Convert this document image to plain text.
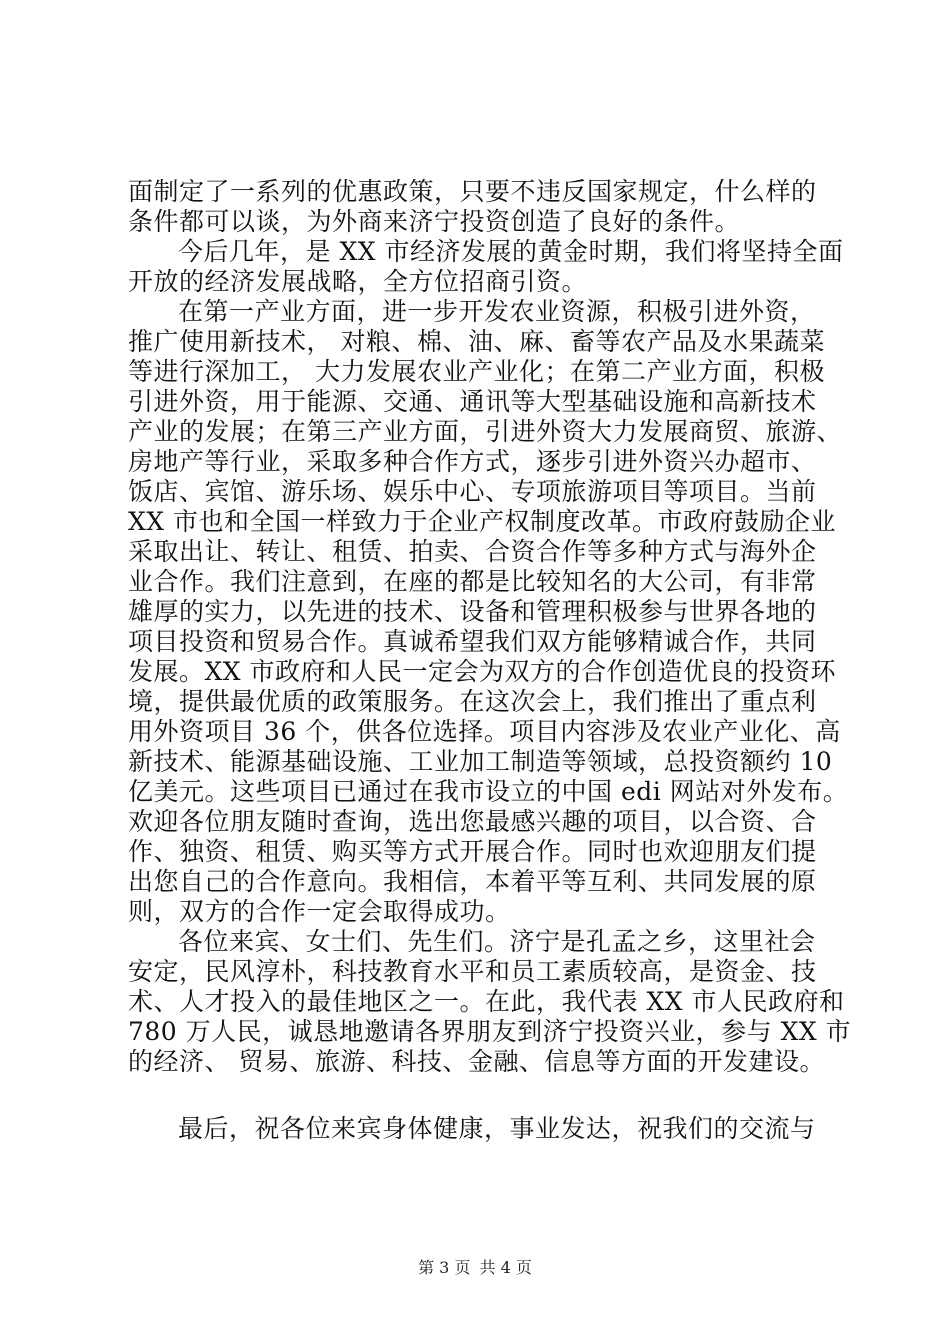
面制定了一系列的优惠政策，只要不违反国家规定，什么样的
条件都可以谈，为外商来济宁投资创造了良好的条件。
今后几年，是 XX 市经济发展的黄金时期，我们将坚持全面
开放的经济发展战略，全方位招商引资。
在第一产业方面，进一步开发农业资源，积极引进外资，
推广使用新技术， 对粮、棉、油、麻、畜等农产品及水果蔬菜
等进行深加工， 大力发展农业产业化；在第二产业方面，积极
引进外资，用于能源、交通、通讯等大型基础设施和高新技术
产业的发展；在第三产业方面，引进外资大力发展商贸、旅游、
房地产等行业，采取多种合作方式，逐步引进外资兴办超市、
饭店、宾馆、游乐场、娱乐中心、专项旅游项目等项目。当前
XX 市也和全国一样致力于企业产权制度改革。市政府鼓励企业
采取出让、转让、租赁、拍卖、合资合作等多种方式与海外企
业合作。我们注意到，在座的都是比较知名的大公司，有非常
雄厚的实力，以先进的技术、设备和管理积极参与世界各地的
项目投资和贸易合作。真诚希望我们双方能够精诚合作，共同
发展。XX 市政府和人民一定会为双方的合作创造优良的投资环
境，提供最优质的政策服务。在这次会上，我们推出了重点利
用外资项目 36 个，供各位选择。项目内容涉及农业产业化、高
新技术、能源基础设施、工业加工制造等领域，总投资额约 10
亿美元。这些项目已通过在我市设立的中国 edi 网站对外发布。
欢迎各位朋友随时查询，选出您最感兴趣的项目，以合资、合
作、独资、租赁、购买等方式开展合作。同时也欢迎朋友们提
出您自己的合作意向。我相信，本着平等互利、共同发展的原
则，双方的合作一定会取得成功。
各位来宾、女士们、先生们。济宁是孔孟之乡，这里社会
安定，民风淳朴，科技教育水平和员工素质较高，是资金、技
术、人才投入的最佳地区之一。在此，我代表 XX 市人民政府和
780 万人民，诚恳地邀请各界朋友到济宁投资兴业，参与 XX 市
的经济、 贸易、旅游、科技、金融、信息等方面的开发建设。
最后，祝各位来宾身体健康，事业发达，祝我们的交流与
第 3 页 共 4 页
